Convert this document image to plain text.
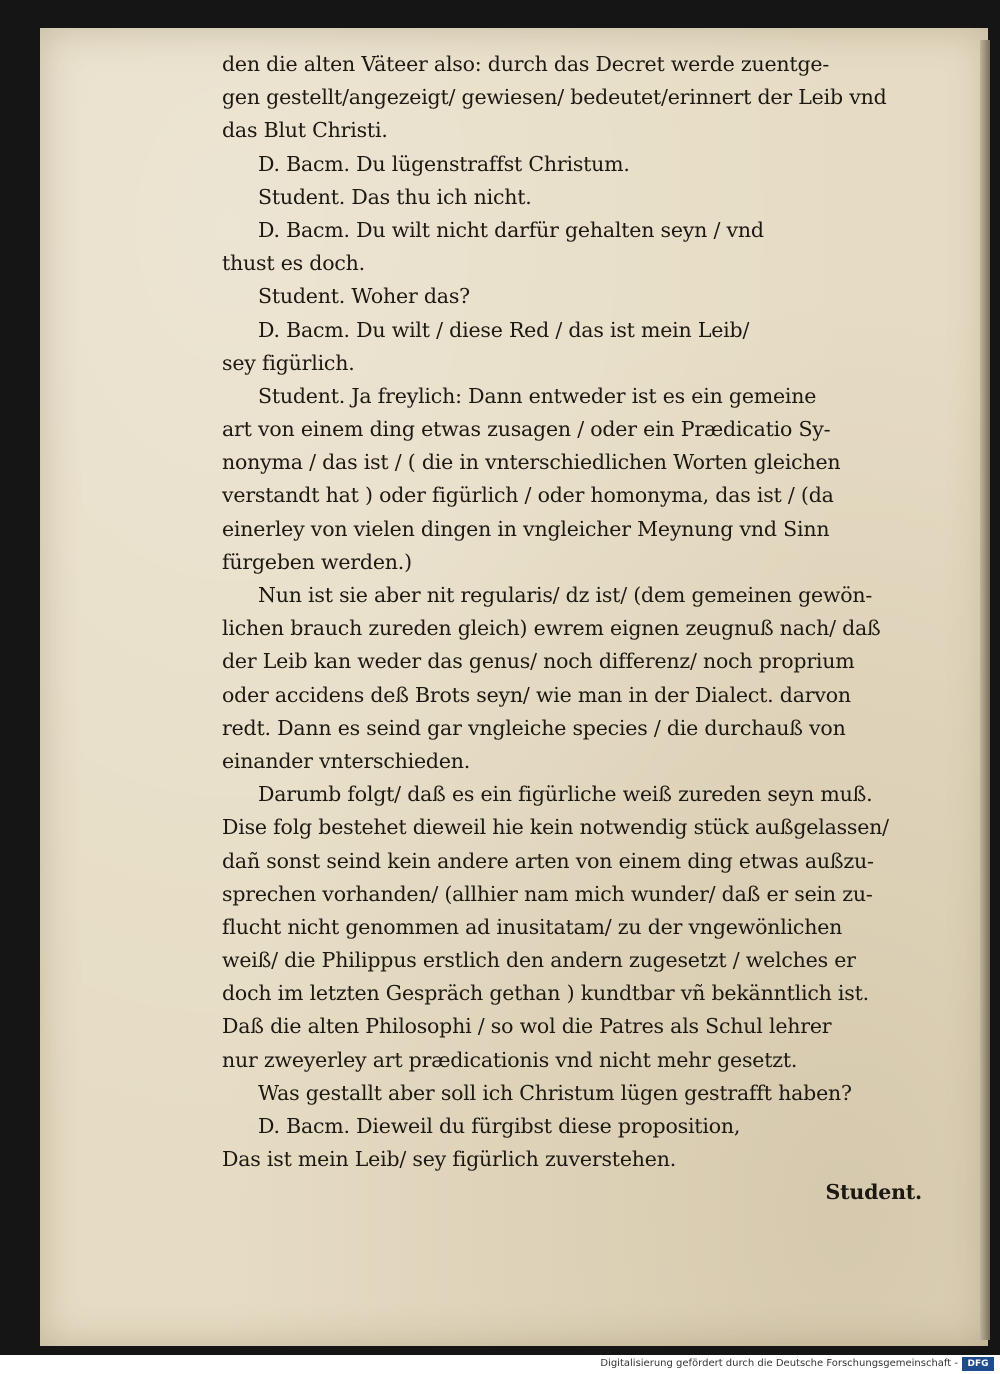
den die alten Väteer also: durch das Decret werde zuentge-
gen gestellt/angezeigt/ gewiesen/ bedeutet/erinnert der Leib vnd
das Blut Christi.
D. Bacm. Du lügenstraffst Christum.
Student. Das thu ich nicht.
D. Bacm. Du wilt nicht darfür gehalten seyn / vnd
thust es doch.
Student. Woher das?
D. Bacm. Du wilt / diese Red / das ist mein Leib/
sey figürlich.
Student. Ja freylich: Dann entweder ist es ein gemeine
art von einem ding etwas zusagen / oder ein Prædicatio Sy-
nonyma / das ist / ( die in vnterschiedlichen Worten gleichen
verstandt hat ) oder figürlich / oder homonyma, das ist / (da
einerley von vielen dingen in vngleicher Meynung vnd Sinn
fürgeben werden.)
Nun ist sie aber nit regularis/ dz ist/ (dem gemeinen gewön-
lichen brauch zureden gleich) ewrem eignen zeugnuß nach/ daß
der Leib kan weder das genus/ noch differenz/ noch proprium
oder accidens deß Brots seyn/ wie man in der Dialect. darvon
redt. Dann es seind gar vngleiche species / die durchauß von
einander vnterschieden.
Darumb folgt/ daß es ein figürliche weiß zureden seyn muß.
Dise folg bestehet dieweil hie kein notwendig stück außgelassen/
dañ sonst seind kein andere arten von einem ding etwas außzu-
sprechen vorhanden/ (allhier nam mich wunder/ daß er sein zu-
flucht nicht genommen ad inusitatam/ zu der vngewönlichen
weiß/ die Philippus erstlich den andern zugesetzt / welches er
doch im letzten Gespräch gethan ) kundtbar vñ bekänntlich ist.
Daß die alten Philosophi / so wol die Patres als Schul lehrer
nur zweyerley art prædicationis vnd nicht mehr gesetzt.
Was gestallt aber soll ich Christum lügen gestrafft haben?
D. Bacm. Dieweil du fürgibst diese proposition,
Das ist mein Leib/ sey figürlich zuverstehen.
Student.
Digitalisierung gefördert durch die Deutsche Forschungsgemeinschaft -	DFG
